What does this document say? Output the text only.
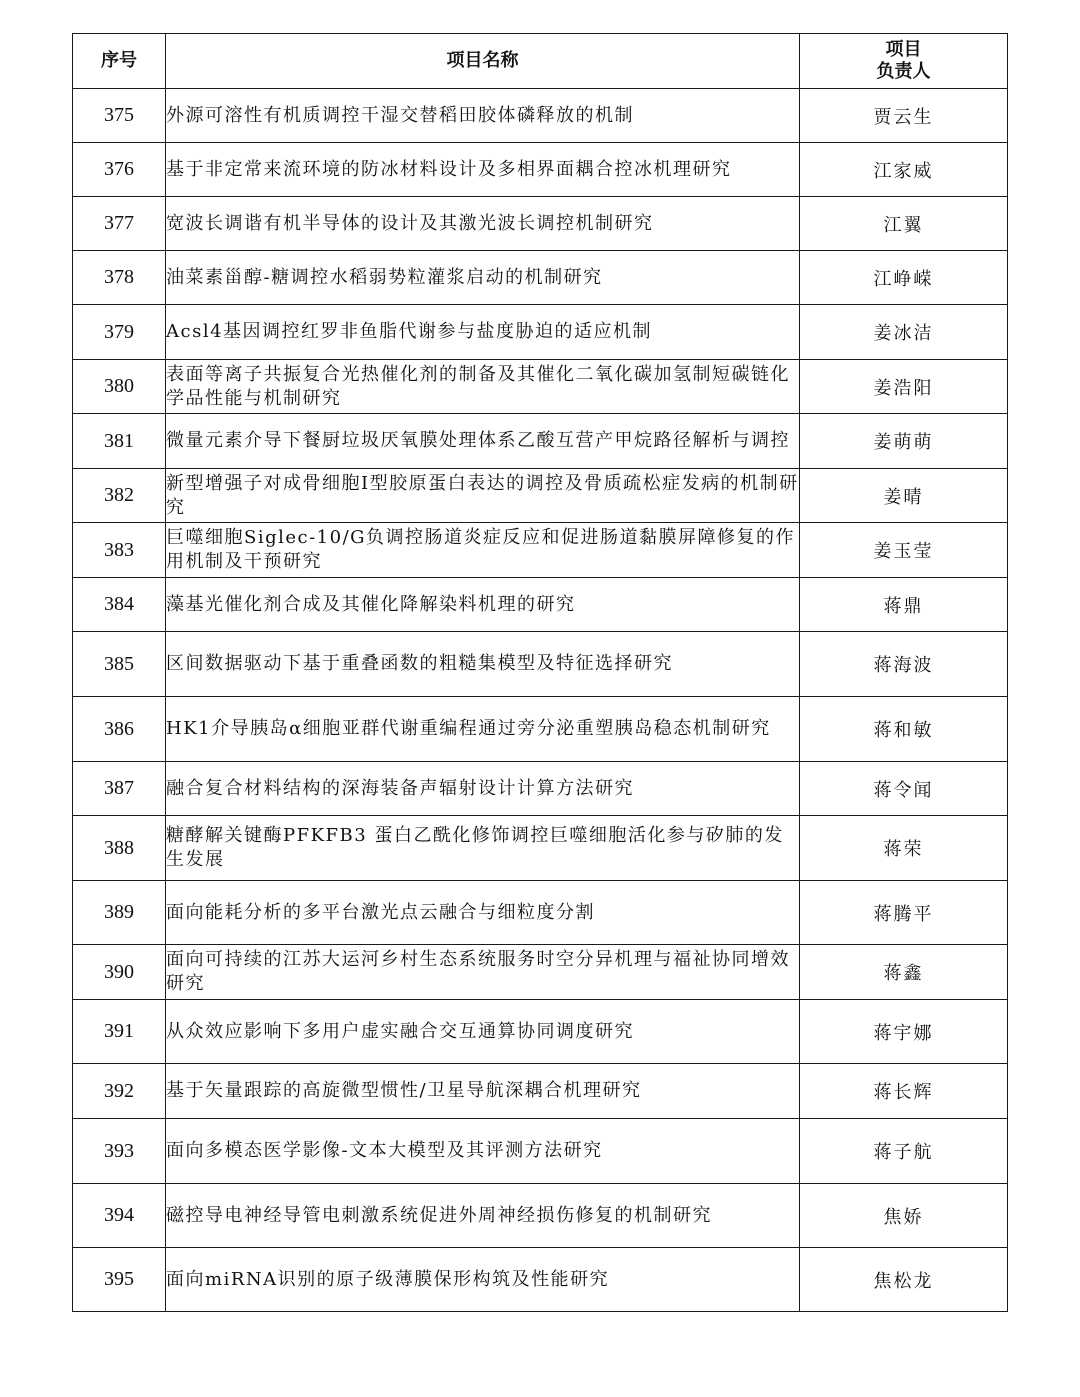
序号	项目名称	项目
负责人

375	外源可溶性有机质调控干湿交替稻田胶体磷释放的机制	贾云生
376	基于非定常来流环境的防冰材料设计及多相界面耦合控冰机理研究	江家威
377	宽波长调谐有机半导体的设计及其激光波长调控机制研究	江翼
378	油菜素甾醇-糖调控水稻弱势粒灌浆启动的机制研究	江峥嵘
379	Acsl4基因调控红罗非鱼脂代谢参与盐度胁迫的适应机制	姜冰洁
380	表面等离子共振复合光热催化剂的制备及其催化二氧化碳加氢制短碳链化学品性能与机制研究	姜浩阳
381	微量元素介导下餐厨垃圾厌氧膜处理体系乙酸互营产甲烷路径解析与调控	姜萌萌
382	新型增强子对成骨细胞I型胶原蛋白表达的调控及骨质疏松症发病的机制研究	姜晴
383	巨噬细胞Siglec-10/G负调控肠道炎症反应和促进肠道黏膜屏障修复的作用机制及干预研究	姜玉莹
384	藻基光催化剂合成及其催化降解染料机理的研究	蒋鼎
385	区间数据驱动下基于重叠函数的粗糙集模型及特征选择研究	蒋海波
386	HK1介导胰岛α细胞亚群代谢重编程通过旁分泌重塑胰岛稳态机制研究	蒋和敏
387	融合复合材料结构的深海装备声辐射设计计算方法研究	蒋令闻
388	糖酵解关键酶PFKFB3 蛋白乙酰化修饰调控巨噬细胞活化参与矽肺的发生发展	蒋荣
389	面向能耗分析的多平台激光点云融合与细粒度分割	蒋腾平
390	面向可持续的江苏大运河乡村生态系统服务时空分异机理与福祉协同增效研究	蒋鑫
391	从众效应影响下多用户虚实融合交互通算协同调度研究	蒋宇娜
392	基于矢量跟踪的高旋微型惯性/卫星导航深耦合机理研究	蒋长辉
393	面向多模态医学影像-文本大模型及其评测方法研究	蒋子航
394	磁控导电神经导管电刺激系统促进外周神经损伤修复的机制研究	焦娇
395	面向miRNA识别的原子级薄膜保形构筑及性能研究	焦松龙
